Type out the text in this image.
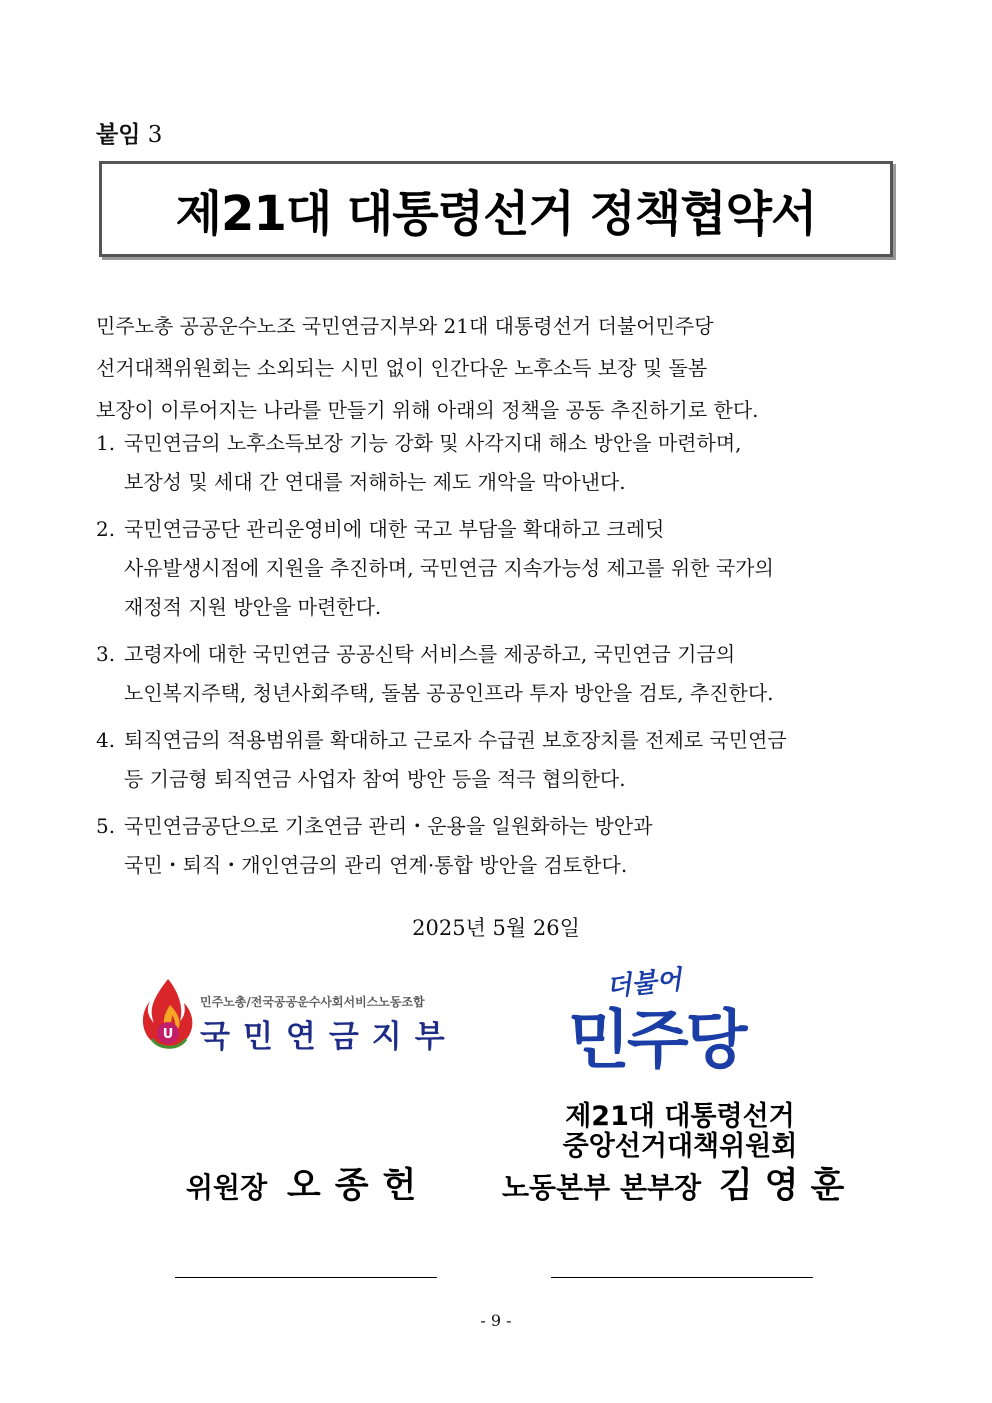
붙임 3
제21대 대통령선거 정책협약서
민주노총 공공운수노조 국민연금지부와 21대 대통령선거 더불어민주당
선거대책위원회는 소외되는 시민 없이 인간다운 노후소득 보장 및 돌봄
보장이 이루어지는 나라를 만들기 위해 아래의 정책을 공동 추진하기로 한다.
1. 국민연금의 노후소득보장 기능 강화 및 사각지대 해소 방안을 마련하며,
보장성 및 세대 간 연대를 저해하는 제도 개악을 막아낸다.
2. 국민연금공단 관리운영비에 대한 국고 부담을 확대하고 크레딧
사유발생시점에 지원을 추진하며, 국민연금 지속가능성 제고를 위한 국가의
재정적 지원 방안을 마련한다.
3. 고령자에 대한 국민연금 공공신탁 서비스를 제공하고, 국민연금 기금의
노인복지주택, 청년사회주택, 돌봄 공공인프라 투자 방안을 검토, 추진한다.
4. 퇴직연금의 적용범위를 확대하고 근로자 수급권 보호장치를 전제로 국민연금
등 기금형 퇴직연금 사업자 참여 방안 등을 적극 협의한다.
5. 국민연금공단으로 기초연금 관리・운용을 일원화하는 방안과
국민・퇴직・개인연금의 관리 연계·통합 방안을 검토한다.
2025년 5월 26일
U
민주노총/전국공공운수사회서비스노동조합
국민연금지부
더불어
민주당
제21대 대통령선거
중앙선거대책위원회
위원장 오종헌	노동본부 본부장 김영훈
- 9 -
